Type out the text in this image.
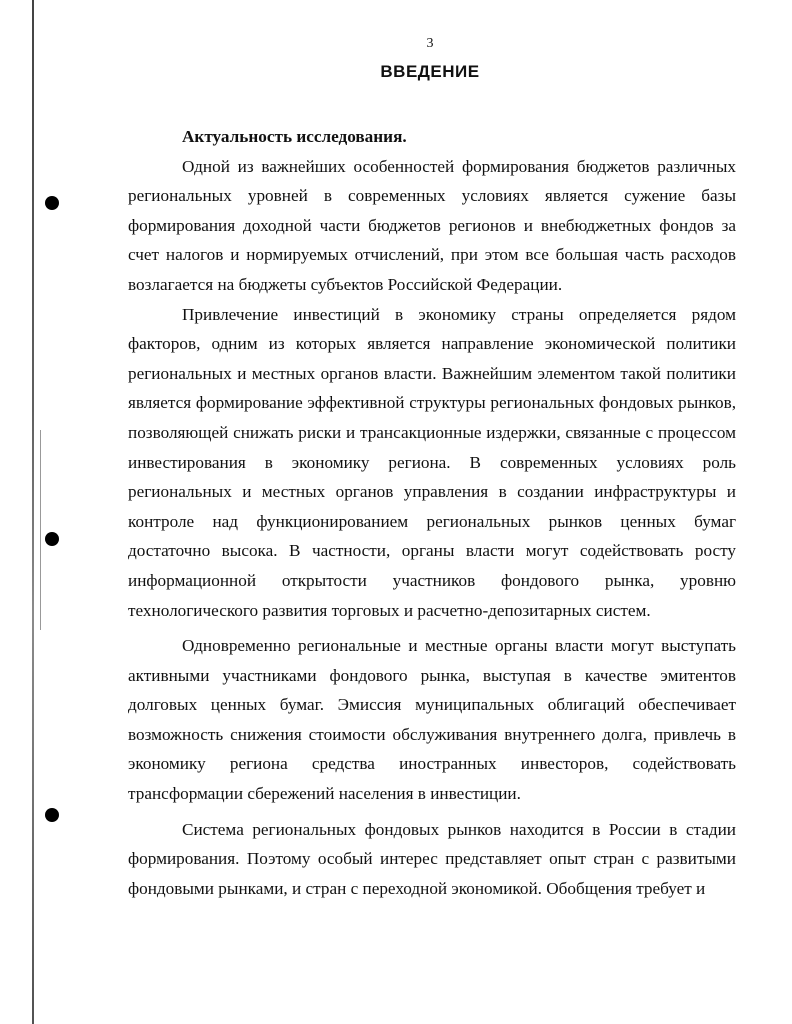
3
ВВЕДЕНИЕ

Актуальность исследования.

Одной из важнейших особенностей формирования бюджетов различных региональных уровней в современных условиях является сужение базы формирования доходной части бюджетов регионов и внебюджетных фондов за счет налогов и нормируемых отчислений, при этом все большая часть расходов возлагается на бюджеты субъектов Российской Федерации.

Привлечение инвестиций в экономику страны определяется рядом факторов, одним из которых является направление экономической политики региональных и местных органов власти. Важнейшим элементом такой политики является формирование эффективной структуры региональных фондовых рынков, позволяющей снижать риски и трансакционные издержки, связанные с процессом инвестирования в экономику региона. В современных условиях роль региональных и местных органов управления в создании инфраструктуры и контроле над функционированием региональных рынков ценных бумаг достаточно высока. В частности, органы власти могут содействовать росту информационной открытости участников фондового рынка, уровню технологического развития торговых и расчетно-депозитарных систем.

Одновременно региональные и местные органы власти могут выступать активными участниками фондового рынка, выступая в качестве эмитентов долговых ценных бумаг. Эмиссия муниципальных облигаций обеспечивает возможность снижения стоимости обслуживания внутреннего долга, привлечь в экономику региона средства иностранных инвесторов, содействовать трансформации сбережений населения в инвестиции.

Система региональных фондовых рынков находится в России в стадии формирования. Поэтому особый интерес представляет опыт стран с развитыми фондовыми рынками, и стран с переходной экономикой. Обобщения требует и
